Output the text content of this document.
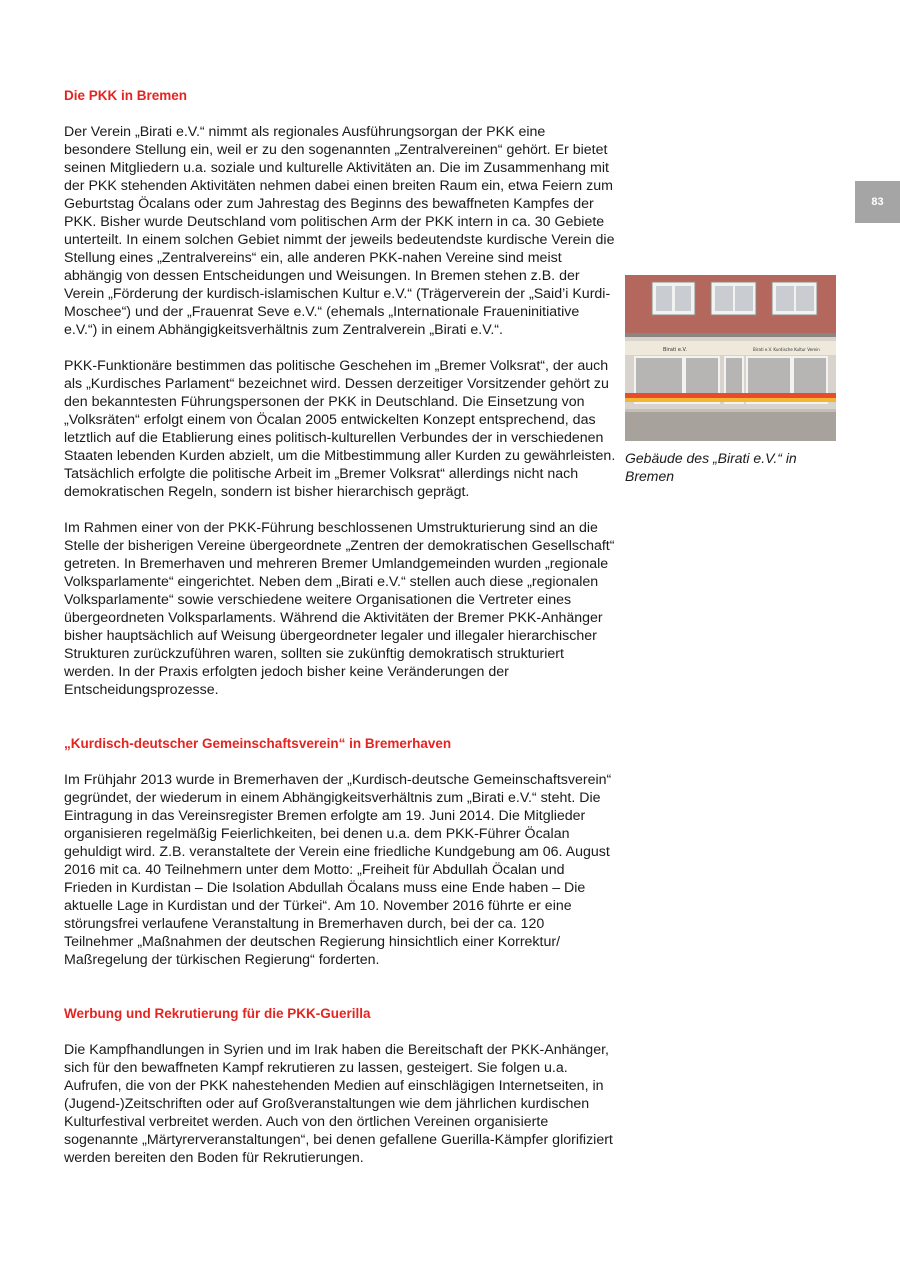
Die PKK in Bremen

Der Verein „Birati e.V.“ nimmt als regionales Ausführungsorgan der PKK eine besondere Stellung ein, weil er zu den sogenannten „Zentralvereinen“ gehört. Er bietet seinen Mitgliedern u.a. soziale und kulturelle Aktivitäten an. Die im Zusammenhang mit der PKK stehenden Aktivitäten nehmen dabei einen breiten Raum ein, etwa Feiern zum Geburtstag Öcalans oder zum Jahrestag des Beginns des bewaffneten Kampfes der PKK. Bisher wurde Deutschland vom politischen Arm der PKK intern in ca. 30 Gebiete unterteilt. In einem solchen Gebiet nimmt der jeweils bedeutendste kurdische Verein die Stellung eines „Zentralvereins“ ein, alle anderen PKK-nahen Vereine sind meist abhängig von dessen Entscheidungen und Weisungen. In Bremen stehen z.B. der Verein „Förderung der kurdisch-islamischen Kultur e.V.“ (Trägerverein der „Said’i Kurdi-Moschee“) und der „Frauenrat Seve e.V.“ (ehemals „Internationale Fraueninitiative e.V.“) in einem Abhängigkeitsverhältnis zum Zentralverein „Birati e.V.“.

PKK-Funktionäre bestimmen das politische Geschehen im „Bremer Volksrat“, der auch als „Kurdisches Parlament“ bezeichnet wird. Dessen derzeitiger Vorsitzender gehört zu den bekanntesten Führungspersonen der PKK in Deutschland. Die Einsetzung von „Volksräten“ erfolgt einem von Öcalan 2005 entwickelten Konzept entsprechend, das letztlich auf die Etablierung eines politisch-kulturellen Verbundes der in verschiedenen Staaten lebenden Kurden abzielt, um die Mitbestimmung aller Kurden zu gewährleisten. Tatsächlich erfolgte die politische Arbeit im „Bremer Volksrat“ allerdings nicht nach demokratischen Regeln, sondern ist bisher hierarchisch geprägt.

Im Rahmen einer von der PKK-Führung beschlossenen Umstrukturierung sind an die Stelle der bisherigen Vereine übergeordnete „Zentren der demokratischen Gesellschaft“ getreten. In Bremerhaven und mehreren Bremer Umlandgemeinden wurden „regionale Volksparlamente“ eingerichtet. Neben dem „Birati e.V.“ stellen auch diese „regionalen Volksparlamente“ sowie verschiedene weitere Organisationen die Vertreter eines übergeordneten Volksparlaments. Während die Aktivitäten der Bremer PKK-Anhänger bisher hauptsächlich auf Weisung übergeordneter legaler und illegaler hierarchischer Strukturen zurückzuführen waren, sollten sie zukünftig demokratisch strukturiert werden. In der Praxis erfolgten jedoch bisher keine Veränderungen der Entscheidungsprozesse.

„Kurdisch-deutscher Gemeinschaftsverein“ in Bremerhaven

Im Frühjahr 2013 wurde in Bremerhaven der „Kurdisch-deutsche Gemeinschaftsverein“ gegründet, der wiederum in einem Abhängigkeitsverhältnis zum „Birati e.V.“ steht. Die Eintragung in das Vereinsregister Bremen erfolgte am 19. Juni 2014. Die Mitglieder organisieren regelmäßig Feierlichkeiten, bei denen u.a. dem PKK-Führer Öcalan gehuldigt wird. Z.B. veranstaltete der Verein eine friedliche Kundgebung am 06. August 2016 mit ca. 40 Teilnehmern unter dem Motto: „Freiheit für Abdullah Öcalan und Frieden in Kurdistan – Die Isolation Abdullah Öcalans muss eine Ende haben – Die aktuelle Lage in Kurdistan und der Türkei“. Am 10. November 2016 führte er eine störungsfrei verlaufene Veranstaltung in Bremerhaven durch, bei der ca. 120 Teilnehmer „Maßnahmen der deutschen Regierung hinsichtlich einer Korrektur/ Maßregelung der türkischen Regierung“ forderten.

Werbung und Rekrutierung für die PKK-Guerilla

Die Kampfhandlungen in Syrien und im Irak haben die Bereitschaft der PKK-Anhänger, sich für den bewaffneten Kampf rekrutieren zu lassen, gesteigert. Sie folgen u.a. Aufrufen, die von der PKK nahestehenden Medien auf einschlägigen Internetseiten, in (Jugend-)Zeitschriften oder auf Großveranstaltungen wie dem jährlichen kurdischen Kulturfestival verbreitet werden. Auch von den örtlichen Vereinen organisierte sogenannte „Märtyrerveranstaltungen“, bei denen gefallene Guerilla-Kämpfer glorifiziert werden bereiten den Boden für Rekrutierungen.

83
Birati e.V.	Birati e.V. Kurdische Kultur Verein
Gebäude des „Birati e.V.“ in Bremen
